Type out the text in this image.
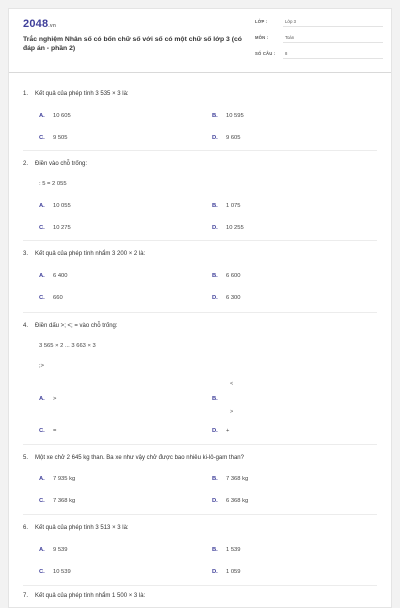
2048.vn
Trắc nghiệm Nhân số có bốn chữ số với số có một chữ số lớp 3 (có đáp án - phần 2)
LỚP :	Lớp 3
MÔN :	Toán
SỐ CÂU : 8
1. Kết quả của phép tính 3 535 × 3 là:
A. 10 605	B. 10 595
C. 9 505	D. 9 605
2. Điền vào chỗ trống:
: 5 = 2 055
A. 10 055	B. 1 075
C. 10 275	D. 10 255
3. Kết quả của phép tính nhẩm 3 200 × 2 là:
A. 6 400	B. 6 600
C. 660	D. 6 300
4. Điền dấu >; <; = vào chỗ trống:
3 565 × 2 ... 3 663 × 3
;>
<
A. >	B.
>
C. =	D. +
5. Một xe chở 2 645 kg than. Ba xe như vậy chở được bao nhiêu ki-lô-gam than?
A. 7 935 kg	B. 7 368 kg
C. 7 368 kg	D. 6 368 kg
6. Kết quả của phép tính 3 513 × 3 là:
A. 9 539	B. 1 539
C. 10 539	D. 1 059
7. Kết quả của phép tính nhẩm 1 500 × 3 là:
